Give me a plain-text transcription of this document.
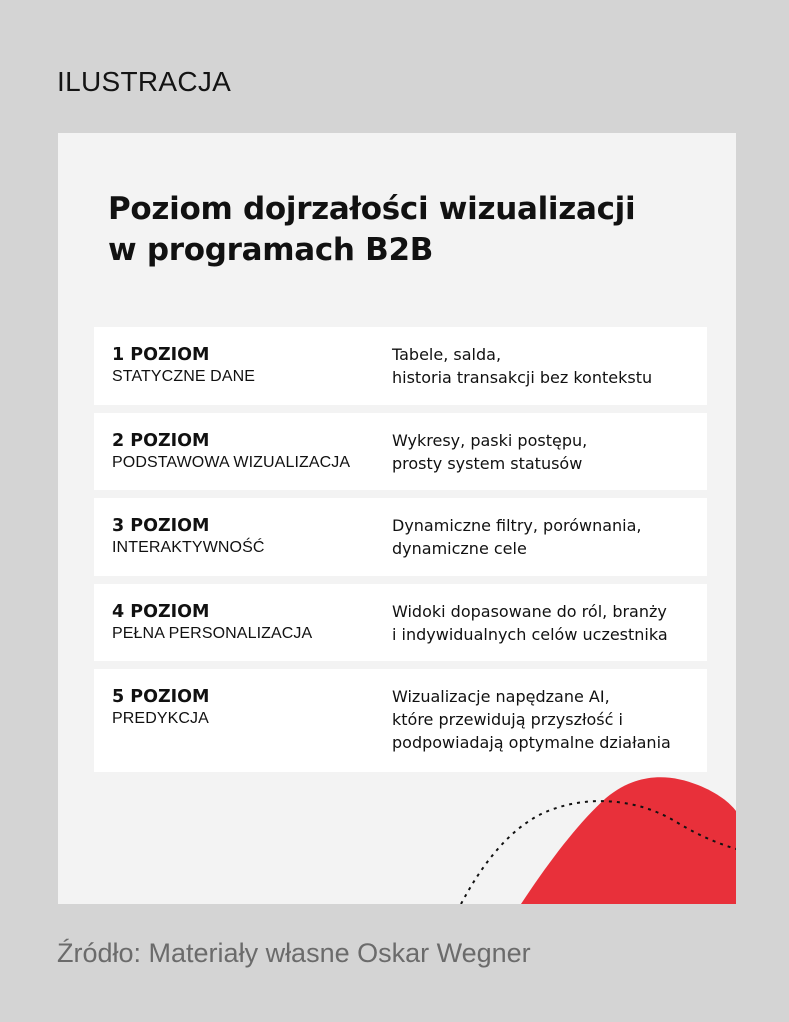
ILUSTRACJA
Poziom dojrzałości wizualizacji
w programach B2B
1 POZIOM
STATYCZNE DANE
Tabele, salda,
historia transakcji bez kontekstu
2 POZIOM
PODSTAWOWA WIZUALIZACJA
Wykresy, paski postępu,
prosty system statusów
3 POZIOM
INTERAKTYWNOŚĆ
Dynamiczne filtry, porównania,
dynamiczne cele
4 POZIOM
PEŁNA PERSONALIZACJA
Widoki dopasowane do ról, branży
i indywidualnych celów uczestnika
5 POZIOM
PREDYKCJA
Wizualizacje napędzane AI,
które przewidują przyszłość i
podpowiadają optymalne działania
Źródło: Materiały własne Oskar Wegner
